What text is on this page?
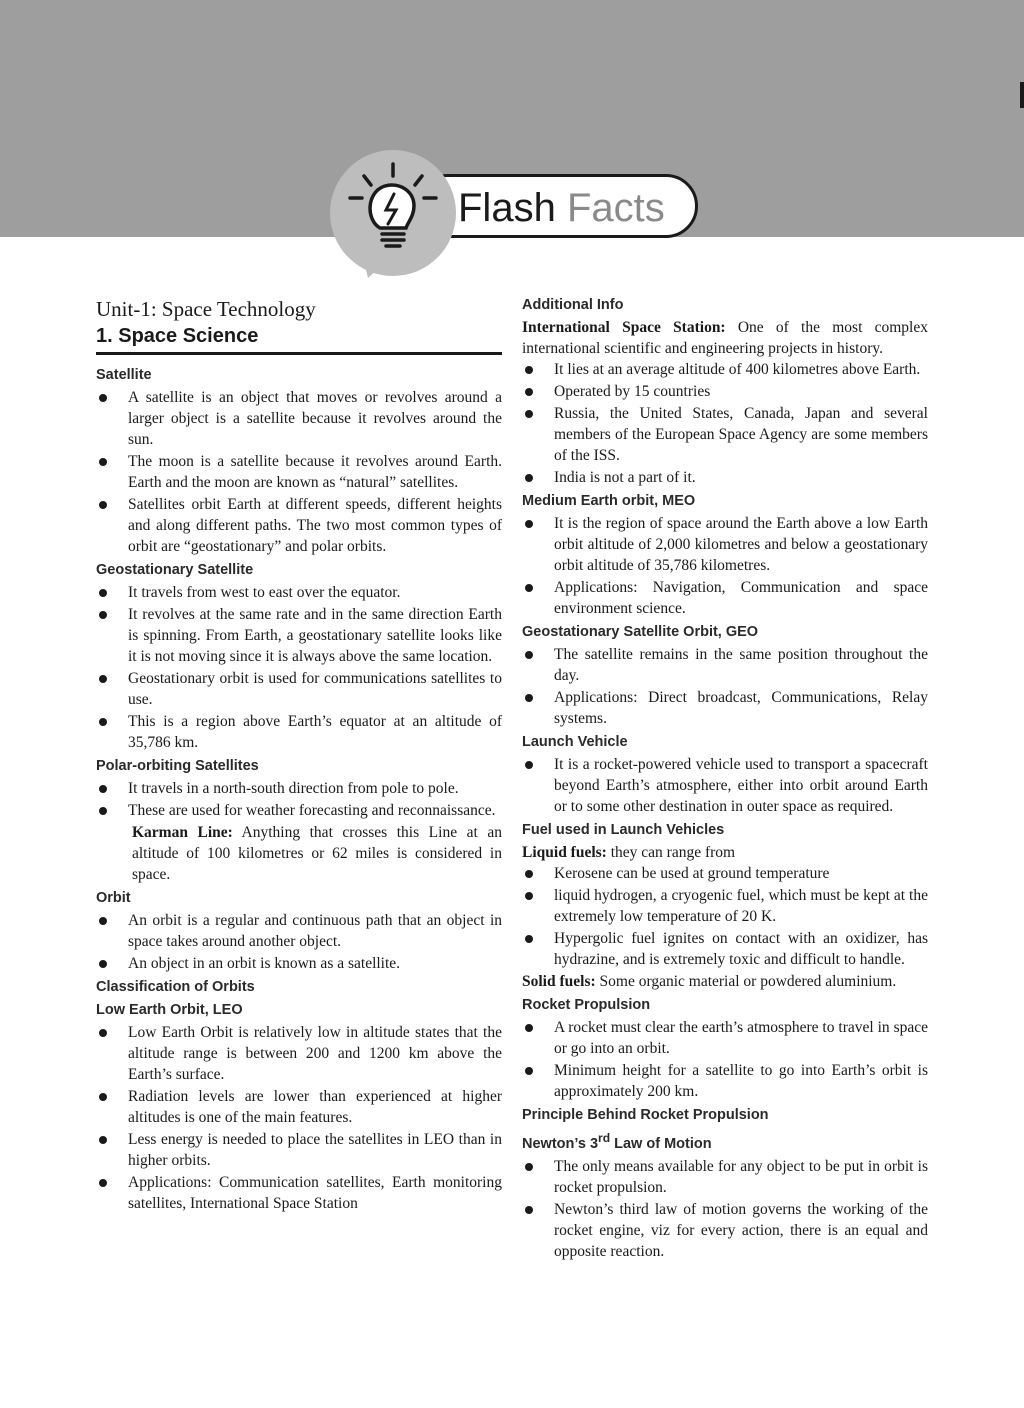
Flash Facts
Unit-1: Space Technology
1. Space Science
Satellite
A satellite is an object that moves or revolves around a larger object is a satellite because it revolves around the sun.
The moon is a satellite because it revolves around Earth. Earth and the moon are known as “natural” satellites.
Satellites orbit Earth at different speeds, different heights and along different paths. The two most common types of orbit are “geostationary” and polar orbits.
Geostationary Satellite
It travels from west to east over the equator.
It revolves at the same rate and in the same direction Earth is spinning. From Earth, a geostationary satellite looks like it is not moving since it is always above the same location.
Geostationary orbit is used for communications satellites to use.
This is a region above Earth’s equator at an altitude of 35,786 km.
Polar-orbiting Satellites
It travels in a north-south direction from pole to pole.
These are used for weather forecasting and reconnaissance.

Karman Line: Anything that crosses this Line at an altitude of 100 kilometres or 62 miles is considered in space.

Orbit
An orbit is a regular and continuous path that an object in space takes around another object.
An object in an orbit is known as a satellite.
Classification of Orbits
Low Earth Orbit, LEO
Low Earth Orbit is relatively low in altitude states that the altitude range is between 200 and 1200 km above the Earth’s surface.
Radiation levels are lower than experienced at higher altitudes is one of the main features.
Less energy is needed to place the satellites in LEO than in higher orbits.
Applications: Communication satellites, Earth monitoring satellites, International Space Station
Additional Info

International Space Station: One of the most complex international scientific and engineering projects in history.

It lies at an average altitude of 400 kilometres above Earth.
Operated by 15 countries
Russia, the United States, Canada, Japan and several members of the European Space Agency are some members of the ISS.
India is not a part of it.
Medium Earth orbit, MEO
It is the region of space around the Earth above a low Earth orbit altitude of 2,000 kilometres and below a geostationary orbit altitude of 35,786 kilometres.
Applications: Navigation, Communication and space environment science.
Geostationary Satellite Orbit, GEO
The satellite remains in the same position throughout the day.
Applications: Direct broadcast, Communications, Relay systems.
Launch Vehicle
It is a rocket-powered vehicle used to transport a spacecraft beyond Earth’s atmosphere, either into orbit around Earth or to some other destination in outer space as required.
Fuel used in Launch Vehicles

Liquid fuels: they can range from

Kerosene can be used at ground temperature
liquid hydrogen, a cryogenic fuel, which must be kept at the extremely low temperature of 20 K.
Hypergolic fuel ignites on contact with an oxidizer, has hydrazine, and is extremely toxic and difficult to handle.

Solid fuels: Some organic material or powdered aluminium.

Rocket Propulsion
A rocket must clear the earth’s atmosphere to travel in space or go into an orbit.
Minimum height for a satellite to go into Earth’s orbit is approximately 200 km.
Principle Behind Rocket Propulsion
Newton’s 3rd Law of Motion
The only means available for any object to be put in orbit is rocket propulsion.
Newton’s third law of motion governs the working of the rocket engine, viz for every action, there is an equal and opposite reaction.
